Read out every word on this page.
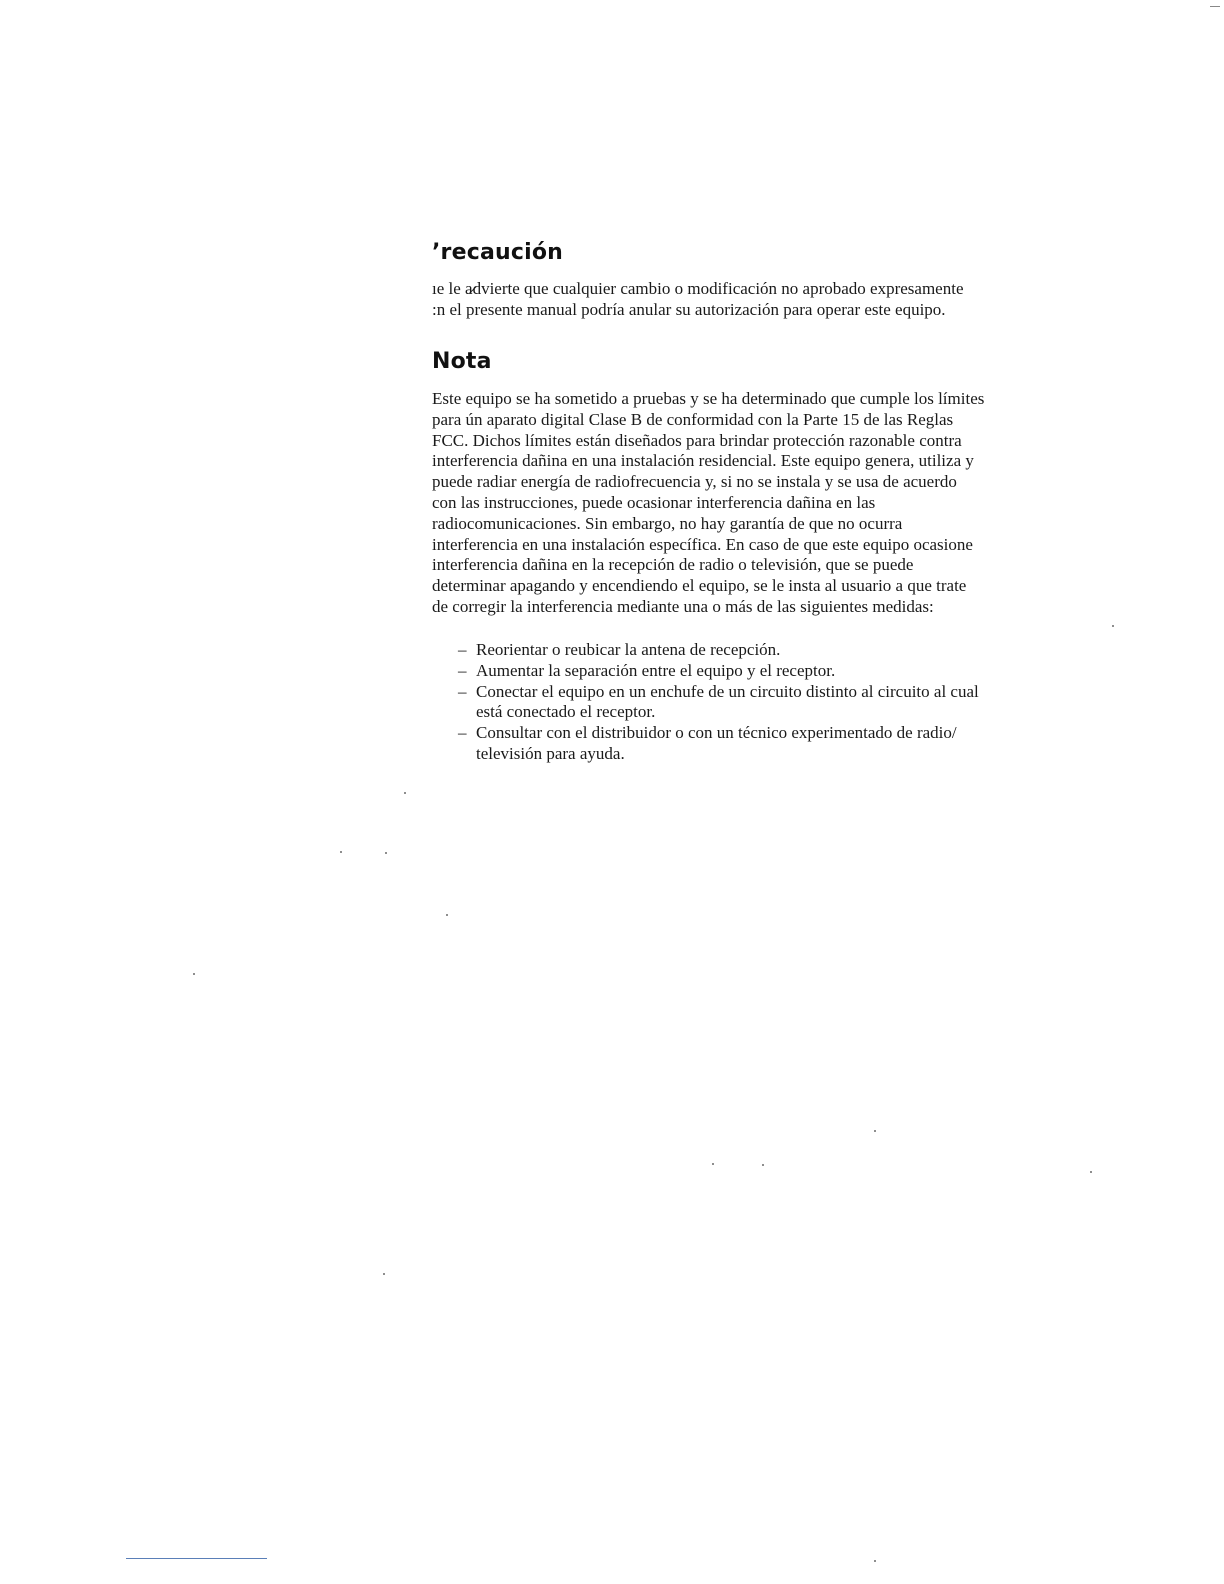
’recaución

ıe le a̷dvierte que cualquier cambio o modificación no aprobado expresamente
:n el presente manual podría anular su autorización para operar este equipo.

Nota

Este equipo se ha sometido a pruebas y se ha determinado que cumple los límites
para ún aparato digital Clase B de conformidad con la Parte 15 de las Reglas
FCC. Dichos límites están diseñados para brindar protección razonable contra
interferencia dañina en una instalación residencial. Este equipo genera, utiliza y
puede radiar energía de radiofrecuencia y, si no se instala y se usa de acuerdo
con las instrucciones, puede ocasionar interferencia dañina en las
radiocomunicaciones. Sin embargo, no hay garantía de que no ocurra
interferencia en una instalación específica. En caso de que este equipo ocasione
interferencia dañina en la recepción de radio o televisión, que se puede
determinar apagando y encendiendo el equipo, se le insta al usuario a que trate
de corregir la interferencia mediante una o más de las siguientes medidas:

– Reorientar o reubicar la antena de recepción.
– Aumentar la separación entre el equipo y el receptor.
– Conectar el equipo en un enchufe de un circuito distinto al circuito al cual
está conectado el receptor.
– Consultar con el distribuidor o con un técnico experimentado de radio/
televisión para ayuda.
